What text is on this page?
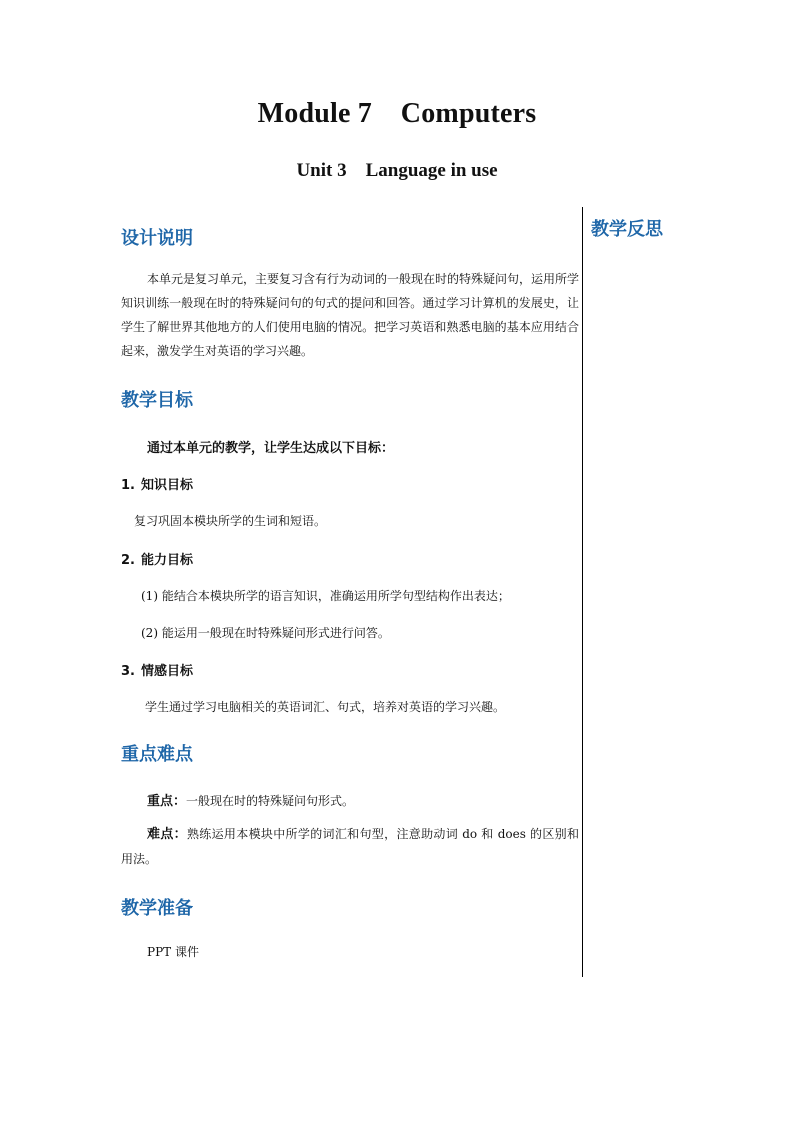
Module 7    Computers
Unit 3    Language in use
教学反思
设计说明

本单元是复习单元，主要复习含有行为动词的一般现在时的特殊疑问句，运用所学知识训练一般现在时的特殊疑问句的句式的提问和回答。通过学习计算机的发展史，让学生了解世界其他地方的人们使用电脑的情况。把学习英语和熟悉电脑的基本应用结合起来，激发学生对英语的学习兴趣。

教学目标
通过本单元的教学，让学生达成以下目标：
1. 知识目标
复习巩固本模块所学的生词和短语。
2. 能力目标
(1) 能结合本模块所学的语言知识，准确运用所学句型结构作出表达；
(2) 能运用一般现在时特殊疑问形式进行问答。
3. 情感目标
学生通过学习电脑相关的英语词汇、句式，培养对英语的学习兴趣。
重点难点
重点：一般现在时的特殊疑问句形式。

难点：熟练运用本模块中所学的词汇和句型，注意助动词 do 和 does 的区别和用法。

教学准备
PPT 课件
